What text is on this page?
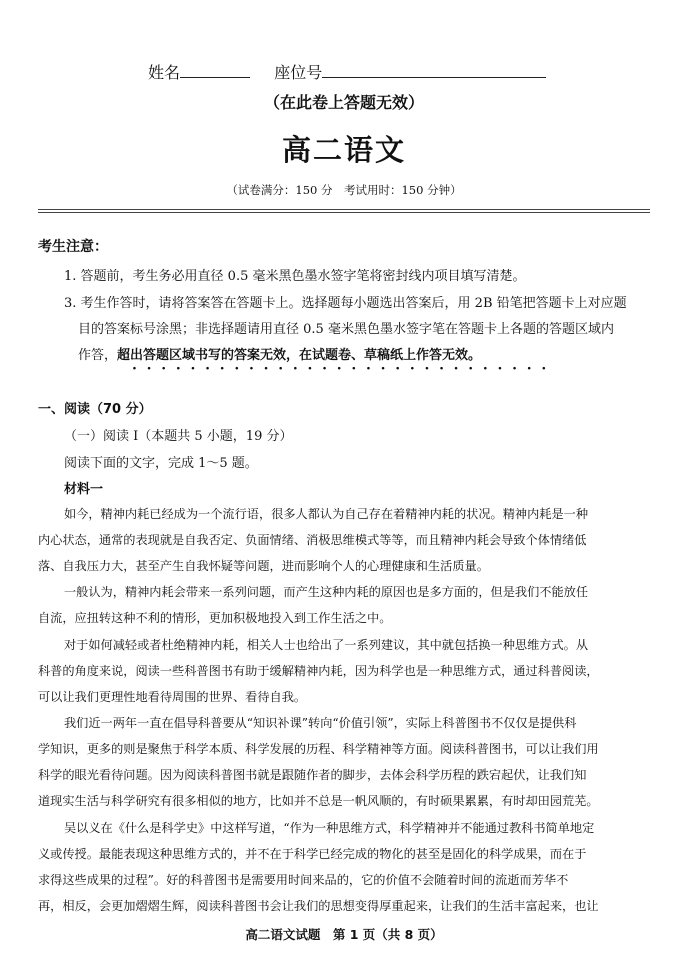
姓名	座位号
（在此卷上答题无效）
高二语文
（试卷满分：150 分　考试用时：150 分钟）
考生注意：
1. 答题前，考生务必用直径 0.5 毫米黑色墨水签字笔将密封线内项目填写清楚。
3. 考生作答时，请将答案答在答题卡上。选择题每小题选出答案后，用 2B 铅笔把答题卡上对应题
目的答案标号涂黑；非选择题请用直径 0.5 毫米黑色墨水签字笔在答题卡上各题的答题区域内
作答，超出答题区域书写的答案无效，在试题卷、草稿纸上作答无效。
·  ·  ·  ·  ·  ·  ·  ·  ·  ·  ·  ·  ·  ·  ·  ·  ·  ·  ·  ·  ·  ·  ·  ·  ·  ·  ·  ·  ·
一、阅读（70 分）
（一）阅读 I（本题共 5 小题，19 分）
阅读下面的文字，完成 1～5 题。
材料一
如今，精神内耗已经成为一个流行语，很多人都认为自己存在着精神内耗的状况。精神内耗是一种
内心状态，通常的表现就是自我否定、负面情绪、消极思维模式等等，而且精神内耗会导致个体情绪低
落、自我压力大，甚至产生自我怀疑等问题，进而影响个人的心理健康和生活质量。
一般认为，精神内耗会带来一系列问题，而产生这种内耗的原因也是多方面的，但是我们不能放任
自流，应扭转这种不利的情形，更加积极地投入到工作生活之中。
对于如何减轻或者杜绝精神内耗，相关人士也给出了一系列建议，其中就包括换一种思维方式。从
科普的角度来说，阅读一些科普图书有助于缓解精神内耗，因为科学也是一种思维方式，通过科普阅读，
可以让我们更理性地看待周围的世界、看待自我。
我们近一两年一直在倡导科普要从“知识补课”转向“价值引领”，实际上科普图书不仅仅是提供科
学知识，更多的则是聚焦于科学本质、科学发展的历程、科学精神等方面。阅读科普图书，可以让我们用
科学的眼光看待问题。因为阅读科普图书就是跟随作者的脚步，去体会科学历程的跌宕起伏，让我们知
道现实生活与科学研究有很多相似的地方，比如并不总是一帆风顺的，有时硕果累累，有时却田园荒芜。
吴以义在《什么是科学史》中这样写道，“作为一种思维方式，科学精神并不能通过教科书简单地定
义或传授。最能表现这种思维方式的，并不在于科学已经完成的物化的甚至是固化的科学成果，而在于
求得这些成果的过程”。好的科普图书是需要用时间来品的，它的价值不会随着时间的流逝而芳华不
再，相反，会更加熠熠生辉，阅读科普图书会让我们的思想变得厚重起来，让我们的生活丰富起来，也让
高二语文试题　第 1 页（共 8 页）
